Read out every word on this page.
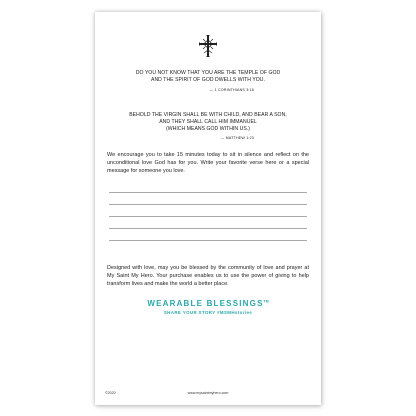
DO YOU NOT KNOW THAT YOU ARE THE TEMPLE OF GOD
AND THE SPIRIT OF GOD DWELLS WITH YOU.

— 1 CORINTHIANS 3:16

BEHOLD THE VIRGIN SHALL BE WITH CHILD, AND BEAR A SON,
AND THEY SHALL CALL HIM IMMANUEL
(WHICH MEANS GOD WITHIN US.)

— MATTHEW 1:23

We encourage you to take 15 minutes today to sit in silence and reflect on the unconditional love God has for you. Write your favorite verse here or a special message for someone you love.

Designed with love, may you be blessed by the community of love and prayer at My Saint My Hero. Your purchase enables us to use the power of giving to help transform lives and make the world a better place.

WEARABLE BLESSINGS™
SHARE YOUR STORY #MSMHstories
©2020	www.mysaintmyhero.com
